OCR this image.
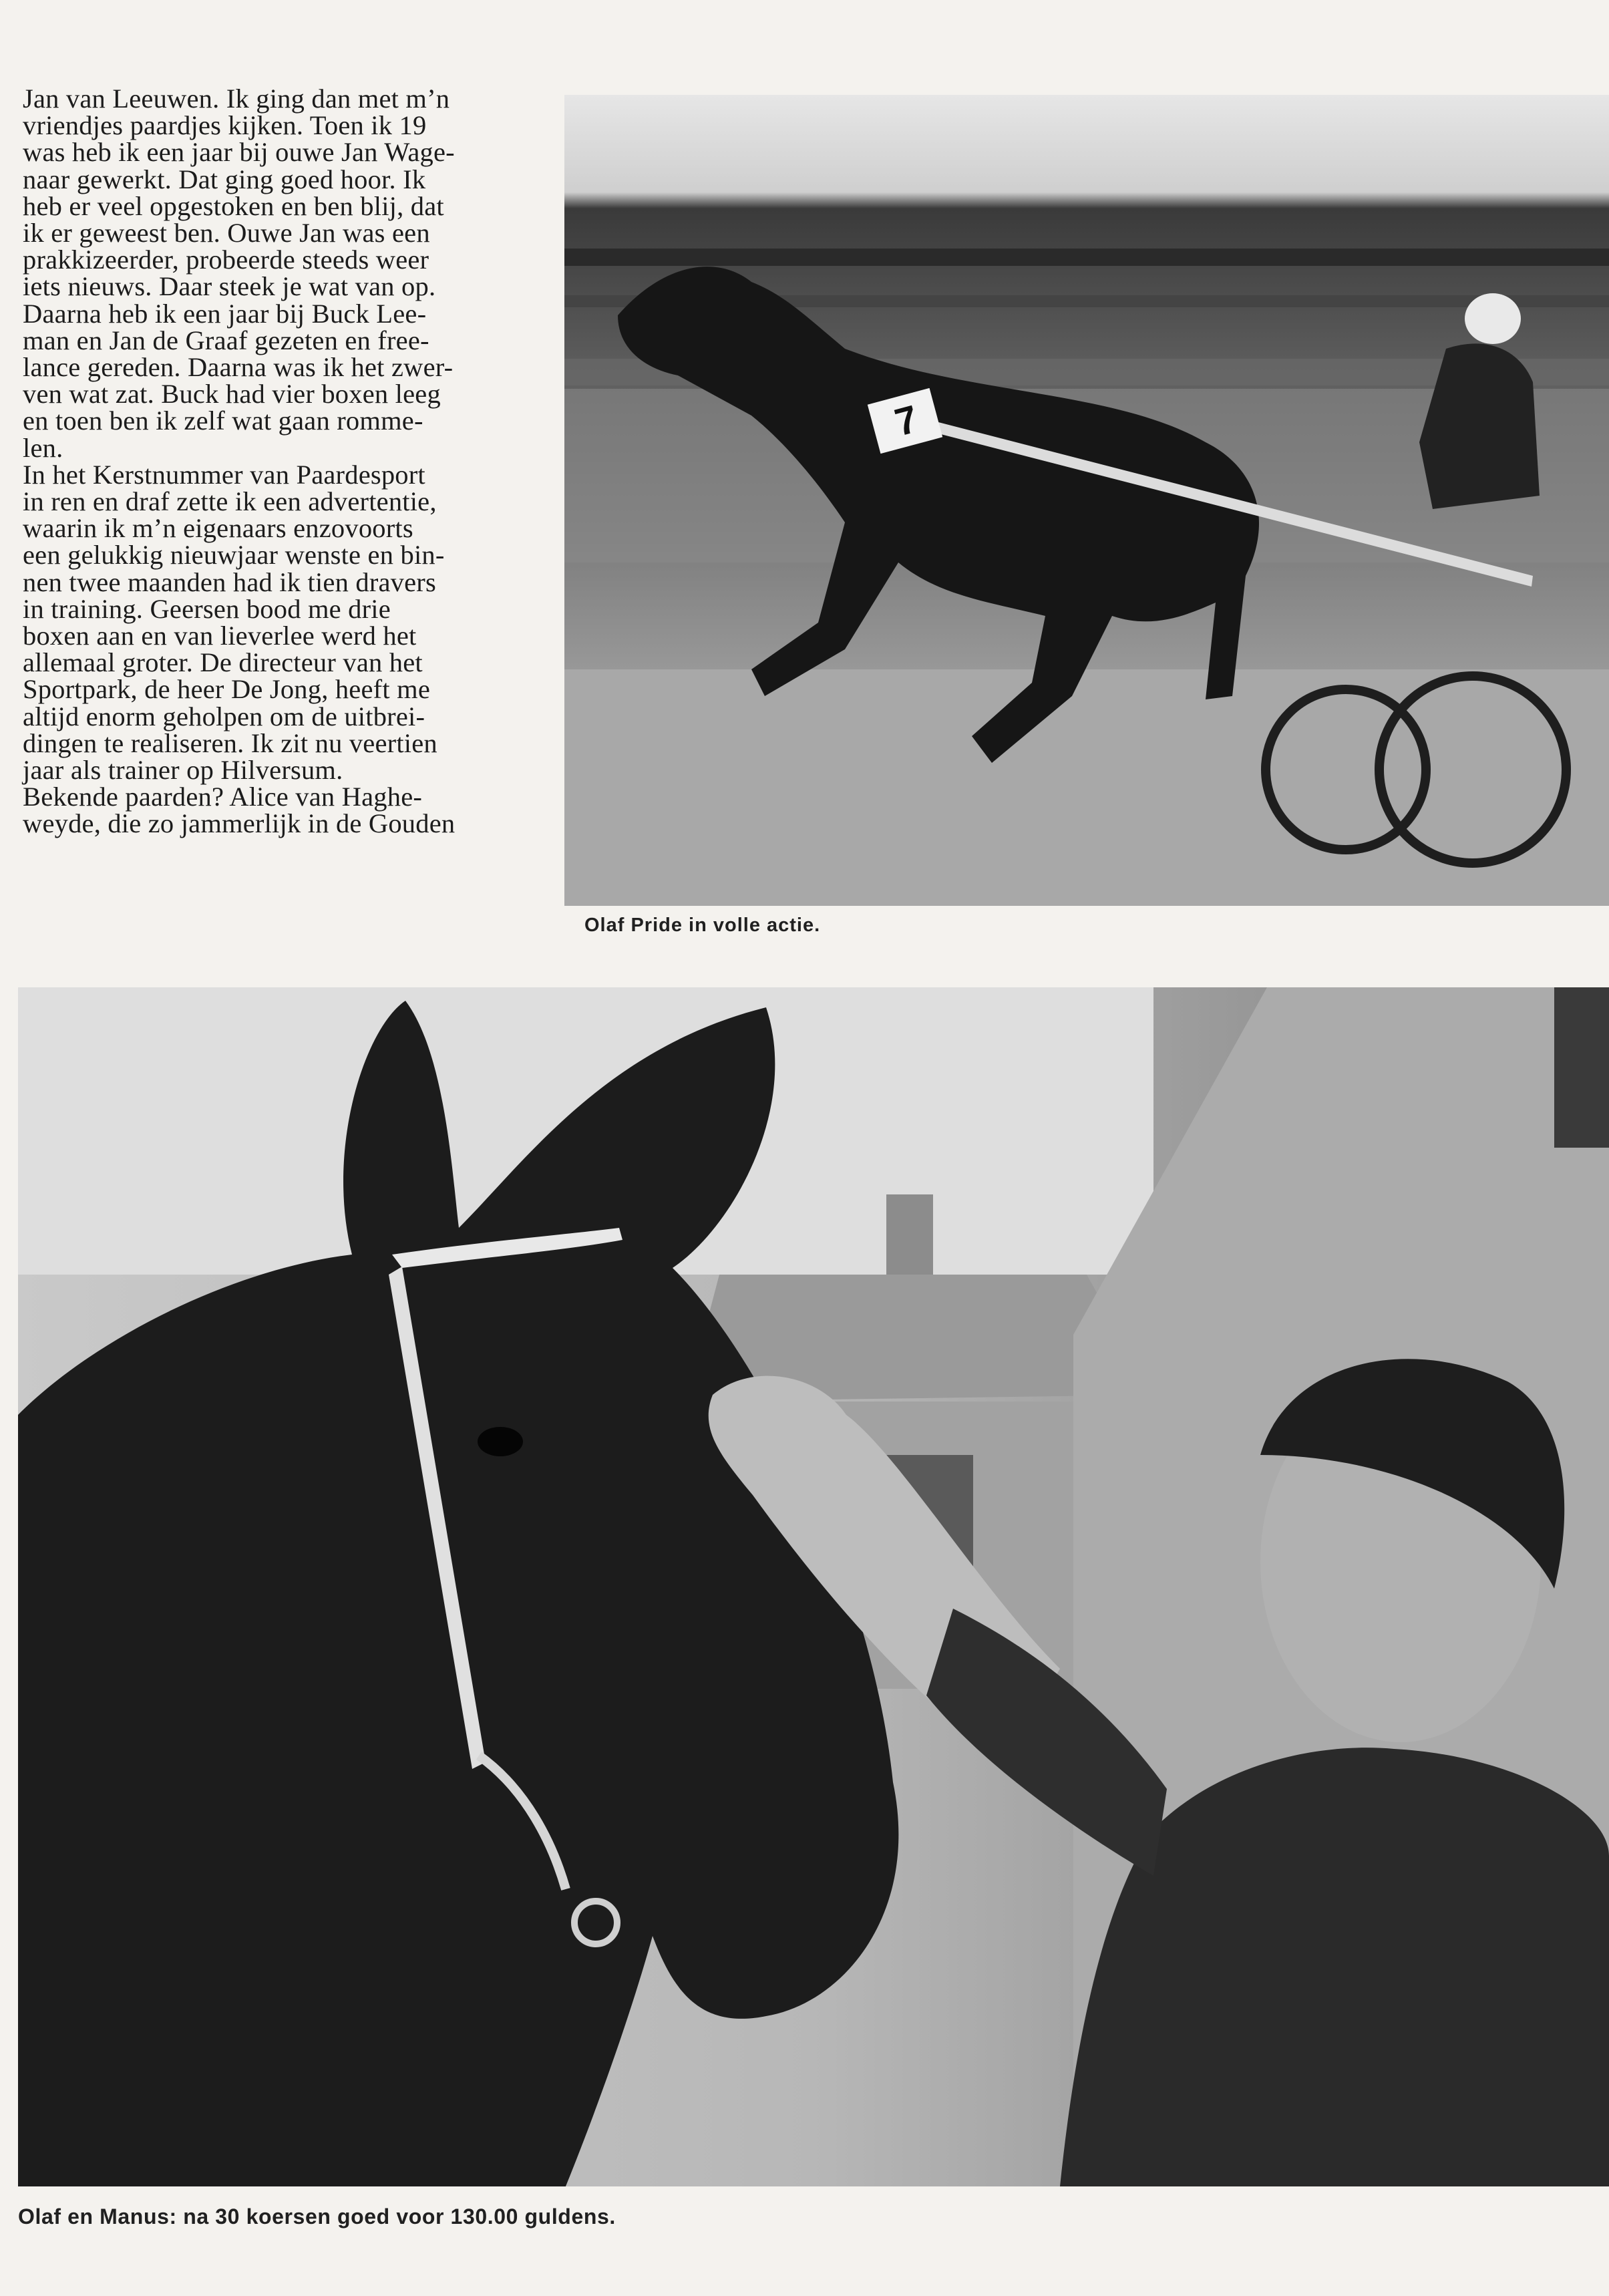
Jan van Leeuwen. Ik ging dan met m’n
vriendjes paardjes kijken. Toen ik 19
was heb ik een jaar bij ouwe Jan Wage-
naar gewerkt. Dat ging goed hoor. Ik
heb er veel opgestoken en ben blij, dat
ik er geweest ben. Ouwe Jan was een
prakkizeerder, probeerde steeds weer
iets nieuws. Daar steek je wat van op.
Daarna heb ik een jaar bij Buck Lee-
man en Jan de Graaf gezeten en free-
lance gereden. Daarna was ik het zwer-
ven wat zat. Buck had vier boxen leeg
en toen ben ik zelf wat gaan romme-
len.
In het Kerstnummer van Paardesport
in ren en draf zette ik een advertentie,
waarin ik m’n eigenaars enzovoorts
een gelukkig nieuwjaar wenste en bin-
nen twee maanden had ik tien dravers
in training. Geersen bood me drie
boxen aan en van lieverlee werd het
allemaal groter. De directeur van het
Sportpark, de heer De Jong, heeft me
altijd enorm geholpen om de uitbrei-
dingen te realiseren. Ik zit nu veertien
jaar als trainer op Hilversum.
Bekende paarden? Alice van Haghe-
weyde, die zo jammerlijk in de Gouden
7
Olaf Pride in volle actie.
Olaf en Manus: na 30 koersen goed voor 130.00 guldens.
